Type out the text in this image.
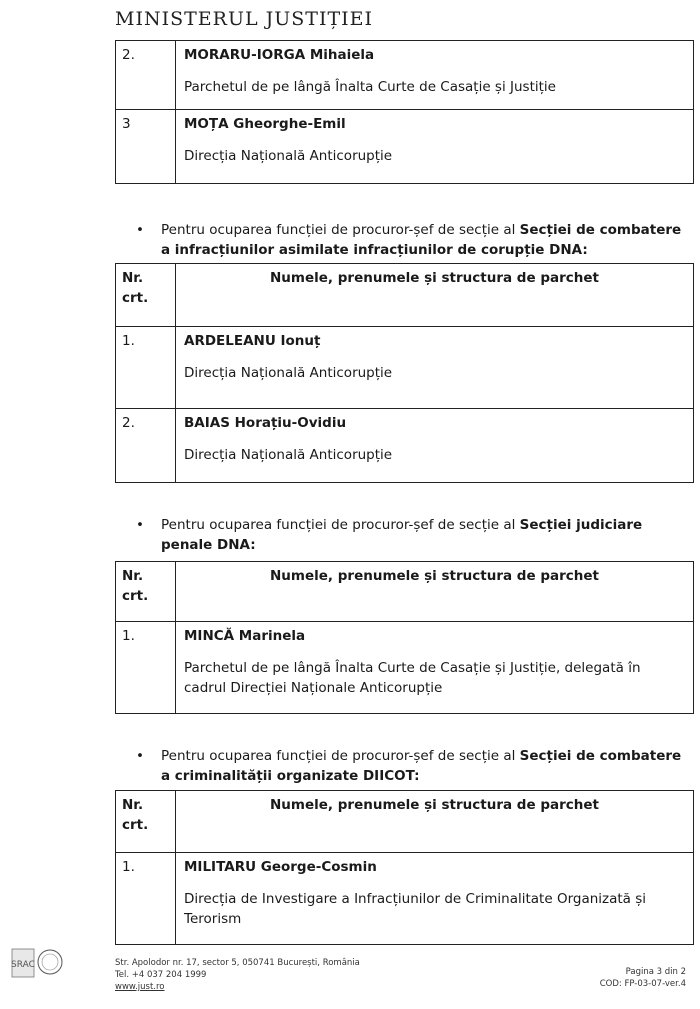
MINISTERUL JUSTIȚIEI
2.	MORARU-IORGA Mihaiela
Parchetul de pe lângă Înalta Curte de Casație și Justiție

3	MOȚA Gheorghe-Emil
Direcția Națională Anticorupție
• Pentru ocuparea funcției de procuror-șef de secție al Secției de combatere a infracțiunilor asimilate infracțiunilor de corupție DNA:
Nr. crt.	Numele, prenumele și structura de parchet
1.	ARDELEANU Ionuț
Direcția Națională Anticorupție

2.	BAIAS Horațiu-Ovidiu
Direcția Națională Anticorupție
• Pentru ocuparea funcției de procuror-șef de secție al Secției judiciare penale DNA:
Nr. crt.	Numele, prenumele și structura de parchet
1.	MINCĂ Marinela
Parchetul de pe lângă Înalta Curte de Casație și Justiție, delegată în cadrul Direcției Naționale Anticorupție
• Pentru ocuparea funcției de procuror-șef de secție al Secției de combatere a criminalității organizate DIICOT:
Nr. crt.	Numele, prenumele și structura de parchet
1.	MILITARU George-Cosmin
Direcția de Investigare a Infracțiunilor de Criminalitate Organizată și Terorism
SRAC	Str. Apolodor nr. 17, sector 5, 050741 București, România
Tel. +4 037 204 1999
www.just.ro
Pagina 3 din 2
COD: FP-03-07-ver.4
